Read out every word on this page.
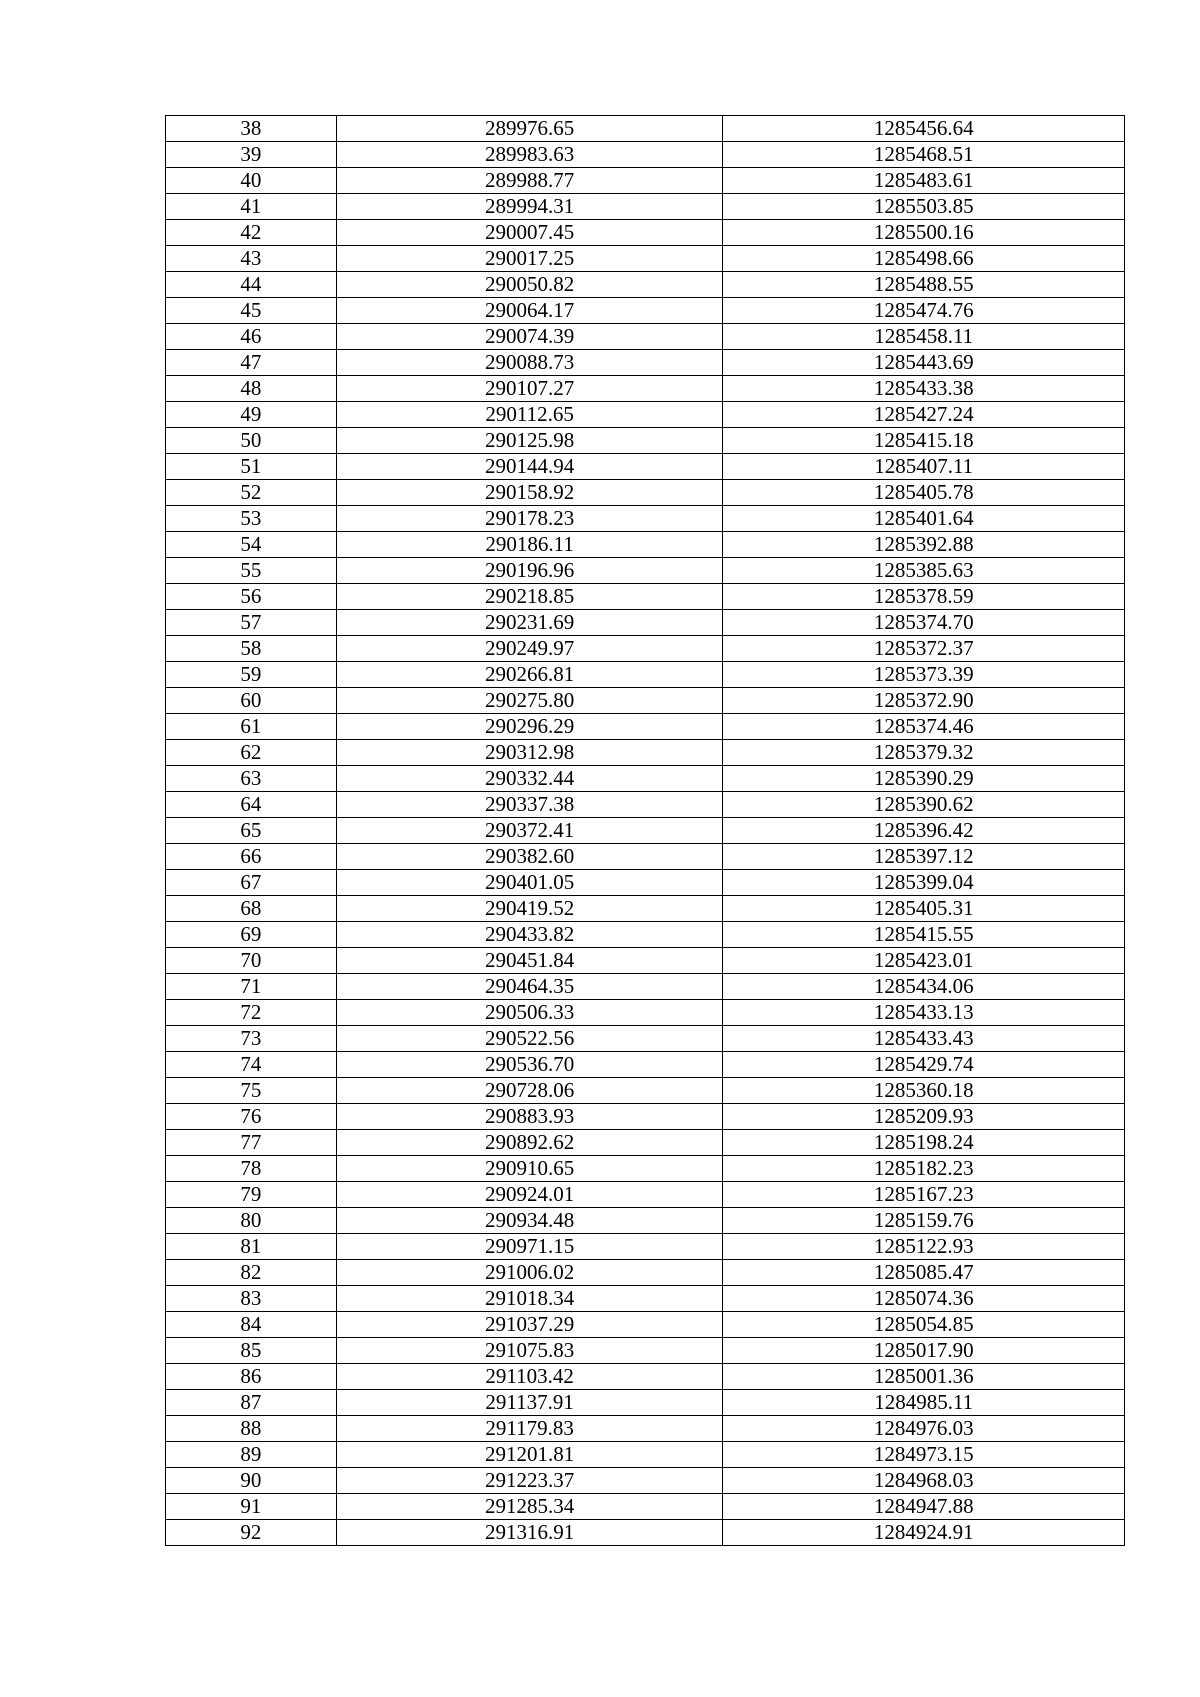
38	289976.65	1285456.64
39	289983.63	1285468.51
40	289988.77	1285483.61
41	289994.31	1285503.85
42	290007.45	1285500.16
43	290017.25	1285498.66
44	290050.82	1285488.55
45	290064.17	1285474.76
46	290074.39	1285458.11
47	290088.73	1285443.69
48	290107.27	1285433.38
49	290112.65	1285427.24
50	290125.98	1285415.18
51	290144.94	1285407.11
52	290158.92	1285405.78
53	290178.23	1285401.64
54	290186.11	1285392.88
55	290196.96	1285385.63
56	290218.85	1285378.59
57	290231.69	1285374.70
58	290249.97	1285372.37
59	290266.81	1285373.39
60	290275.80	1285372.90
61	290296.29	1285374.46
62	290312.98	1285379.32
63	290332.44	1285390.29
64	290337.38	1285390.62
65	290372.41	1285396.42
66	290382.60	1285397.12
67	290401.05	1285399.04
68	290419.52	1285405.31
69	290433.82	1285415.55
70	290451.84	1285423.01
71	290464.35	1285434.06
72	290506.33	1285433.13
73	290522.56	1285433.43
74	290536.70	1285429.74
75	290728.06	1285360.18
76	290883.93	1285209.93
77	290892.62	1285198.24
78	290910.65	1285182.23
79	290924.01	1285167.23
80	290934.48	1285159.76
81	290971.15	1285122.93
82	291006.02	1285085.47
83	291018.34	1285074.36
84	291037.29	1285054.85
85	291075.83	1285017.90
86	291103.42	1285001.36
87	291137.91	1284985.11
88	291179.83	1284976.03
89	291201.81	1284973.15
90	291223.37	1284968.03
91	291285.34	1284947.88
92	291316.91	1284924.91
